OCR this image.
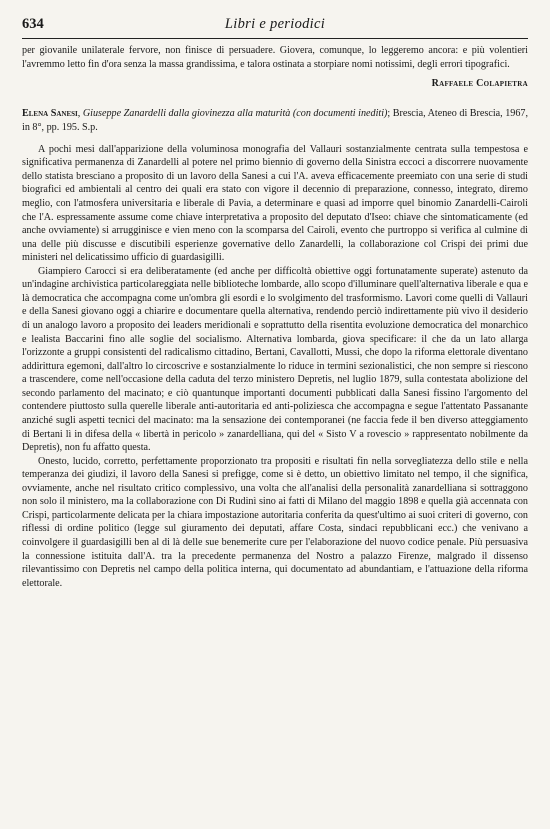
634	Libri e periodici

per giovanile unilaterale fervore, non finisce di persuadere. Giovera, comunque, lo leggeremo ancora: e più volentieri l'avremmo letto fin d'ora senza la massa grandissima, e talora ostinata a storpiare nomi notissimi, degli errori tipografici.

Raffaele Colapietra

Elena Sanesi, Giuseppe Zanardelli dalla giovinezza alla maturità (con documenti inediti); Brescia, Ateneo di Brescia, 1967, in 8°, pp. 195. S.p.

A pochi mesi dall'apparizione della voluminosa monografia del Vallauri sostanzialmente centrata sulla tempestosa e significativa permanenza di Zanardelli al potere nel primo biennio di governo della Sinistra eccoci a discorrere nuovamente dello statista bresciano a proposito di un lavoro della Sanesi a cui l'A. aveva efficacemente preemiato con una serie di studi biografici ed ambientali al centro dei quali era stato con vigore il decennio di preparazione, connesso, integrato, diremo meglio, con l'atmosfera universitaria e liberale di Pavia, a determinare e quasi ad imporre quel binomio Zanardelli-Cairoli che l'A. espressamente assume come chiave interpretativa a proposito del deputato d'Iseo: chiave che sintomaticamente (ed anche ovviamente) si arrugginisce e vien meno con la scomparsa del Cairoli, evento che purtroppo si verifica al culmine di una delle più discusse e discutibili esperienze governative dello Zanardelli, la collaborazione col Crispi dei primi due ministeri nel delicatissimo ufficio di guardasigilli.

Giampiero Carocci si era deliberatamente (ed anche per difficoltà obiettive oggi fortunatamente superate) astenuto da un'indagine archivistica particolareggiata nelle biblioteche lombarde, allo scopo d'illuminare quell'alternativa liberale e qua e là democratica che accompagna come un'ombra gli esordi e lo svolgimento del trasformismo. Lavori come quelli di Vallauri e della Sanesi giovano oggi a chiarire e documentare quella alternativa, rendendo perciò indirettamente più vivo il desiderio di un analogo lavoro a proposito dei leaders meridionali e soprattutto della risentita evoluzione democratica del monarchico e lealista Baccarini fino alle soglie del socialismo. Alternativa lombarda, giova specificare: il che da un lato allarga l'orizzonte a gruppi consistenti del radicalismo cittadino, Bertani, Cavallotti, Mussi, che dopo la riforma elettorale diventano addirittura egemoni, dall'altro lo circoscrive e sostanzialmente lo riduce in termini sezionalistici, che non sempre si riescono a trascendere, come nell'occasione della caduta del terzo ministero Depretis, nel luglio 1879, sulla contestata abolizione del secondo parlamento del macinato; e ciò quantunque importanti documenti pubblicati dalla Sanesi fissino l'argomento del contendere piuttosto sulla querelle liberale anti-autoritaria ed anti-poliziesca che accompagna e segue l'attentato Passanante anziché sugli aspetti tecnici del macinato: ma la sensazione dei contemporanei (ne faccia fede il ben diverso atteggiamento di Bertani lì in difesa della « libertà in pericolo » zanardelliana, qui del « Sisto V a rovescio » rappresentato nobilmente da Depretis), non fu affatto questa.

Onesto, lucido, corretto, perfettamente proporzionato tra propositi e risultati fin nella sorvegliatezza dello stile e nella temperanza dei giudizi, il lavoro della Sanesi si prefigge, come si è detto, un obiettivo limitato nel tempo, il che significa, ovviamente, anche nel risultato critico complessivo, una volta che all'analisi della personalità zanardelliana si sottraggono non solo il ministero, ma la collaborazione con Di Rudinì sino ai fatti di Milano del maggio 1898 e quella già accennata con Crispi, particolarmente delicata per la chiara impostazione autoritaria conferita da quest'ultimo ai suoi criteri di governo, con riflessi di ordine politico (legge sul giuramento dei deputati, affare Costa, sindaci repubblicani ecc.) che venivano a coinvolgere il guardasigilli ben al di là delle sue benemerite cure per l'elaborazione del nuovo codice penale. Più persuasiva la connessione istituita dall'A. tra la precedente permanenza del Nostro a palazzo Firenze, malgrado il dissenso rilevantissimo con Depretis nel campo della politica interna, qui documentato ad abundantiam, e l'attuazione della riforma elettorale.
